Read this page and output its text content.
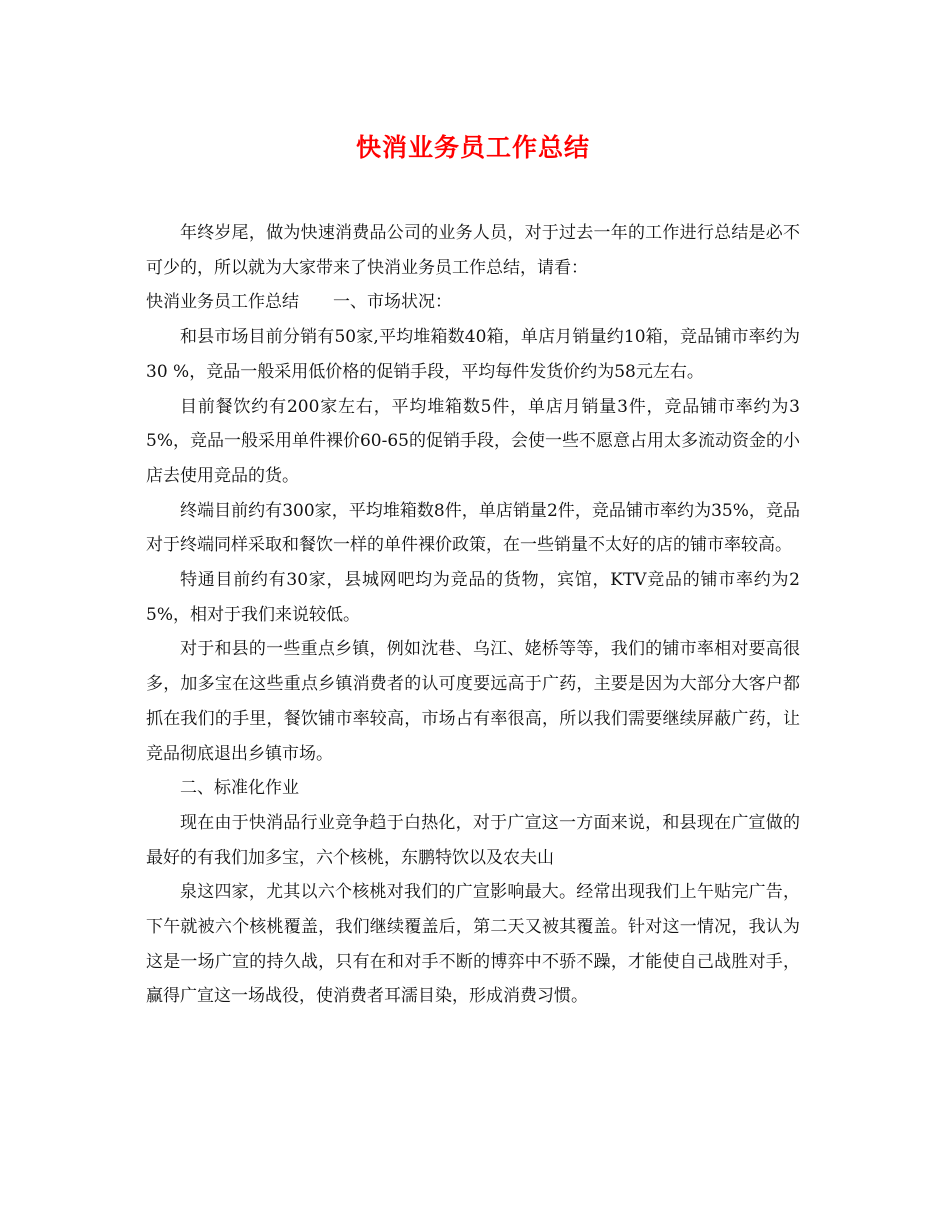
快消业务员工作总结

年终岁尾，做为快速消费品公司的业务人员，对于过去一年的工作进行总结是必不可少的，所以就为大家带来了快消业务员工作总结，请看：

快消业务员工作总结　　一、市场状况：

和县市场目前分销有50家,平均堆箱数40箱，单店月销量约10箱，竞品铺市率约为30 %，竞品一般采用低价格的促销手段，平均每件发货价约为58元左右。

目前餐饮约有200家左右，平均堆箱数5件，单店月销量3件，竞品铺市率约为35%，竞品一般采用单件裸价60-65的促销手段，会使一些不愿意占用太多流动资金的小店去使用竞品的货。

终端目前约有300家，平均堆箱数8件，单店销量2件，竞品铺市率约为35%，竞品对于终端同样采取和餐饮一样的单件裸价政策，在一些销量不太好的店的铺市率较高。

特通目前约有30家，县城网吧均为竞品的货物，宾馆，KTV竞品的铺市率约为25%，相对于我们来说较低。

对于和县的一些重点乡镇，例如沈巷、乌江、姥桥等等，我们的铺市率相对要高很多，加多宝在这些重点乡镇消费者的认可度要远高于广药，主要是因为大部分大客户都抓在我们的手里，餐饮铺市率较高，市场占有率很高，所以我们需要继续屏蔽广药，让竞品彻底退出乡镇市场。

二、标准化作业

现在由于快消品行业竞争趋于白热化，对于广宣这一方面来说，和县现在广宣做的最好的有我们加多宝，六个核桃，东鹏特饮以及农夫山

泉这四家，尤其以六个核桃对我们的广宣影响最大。经常出现我们上午贴完广告，下午就被六个核桃覆盖，我们继续覆盖后，第二天又被其覆盖。针对这一情况，我认为这是一场广宣的持久战，只有在和对手不断的博弈中不骄不躁，才能使自己战胜对手，赢得广宣这一场战役，使消费者耳濡目染，形成消费习惯。
